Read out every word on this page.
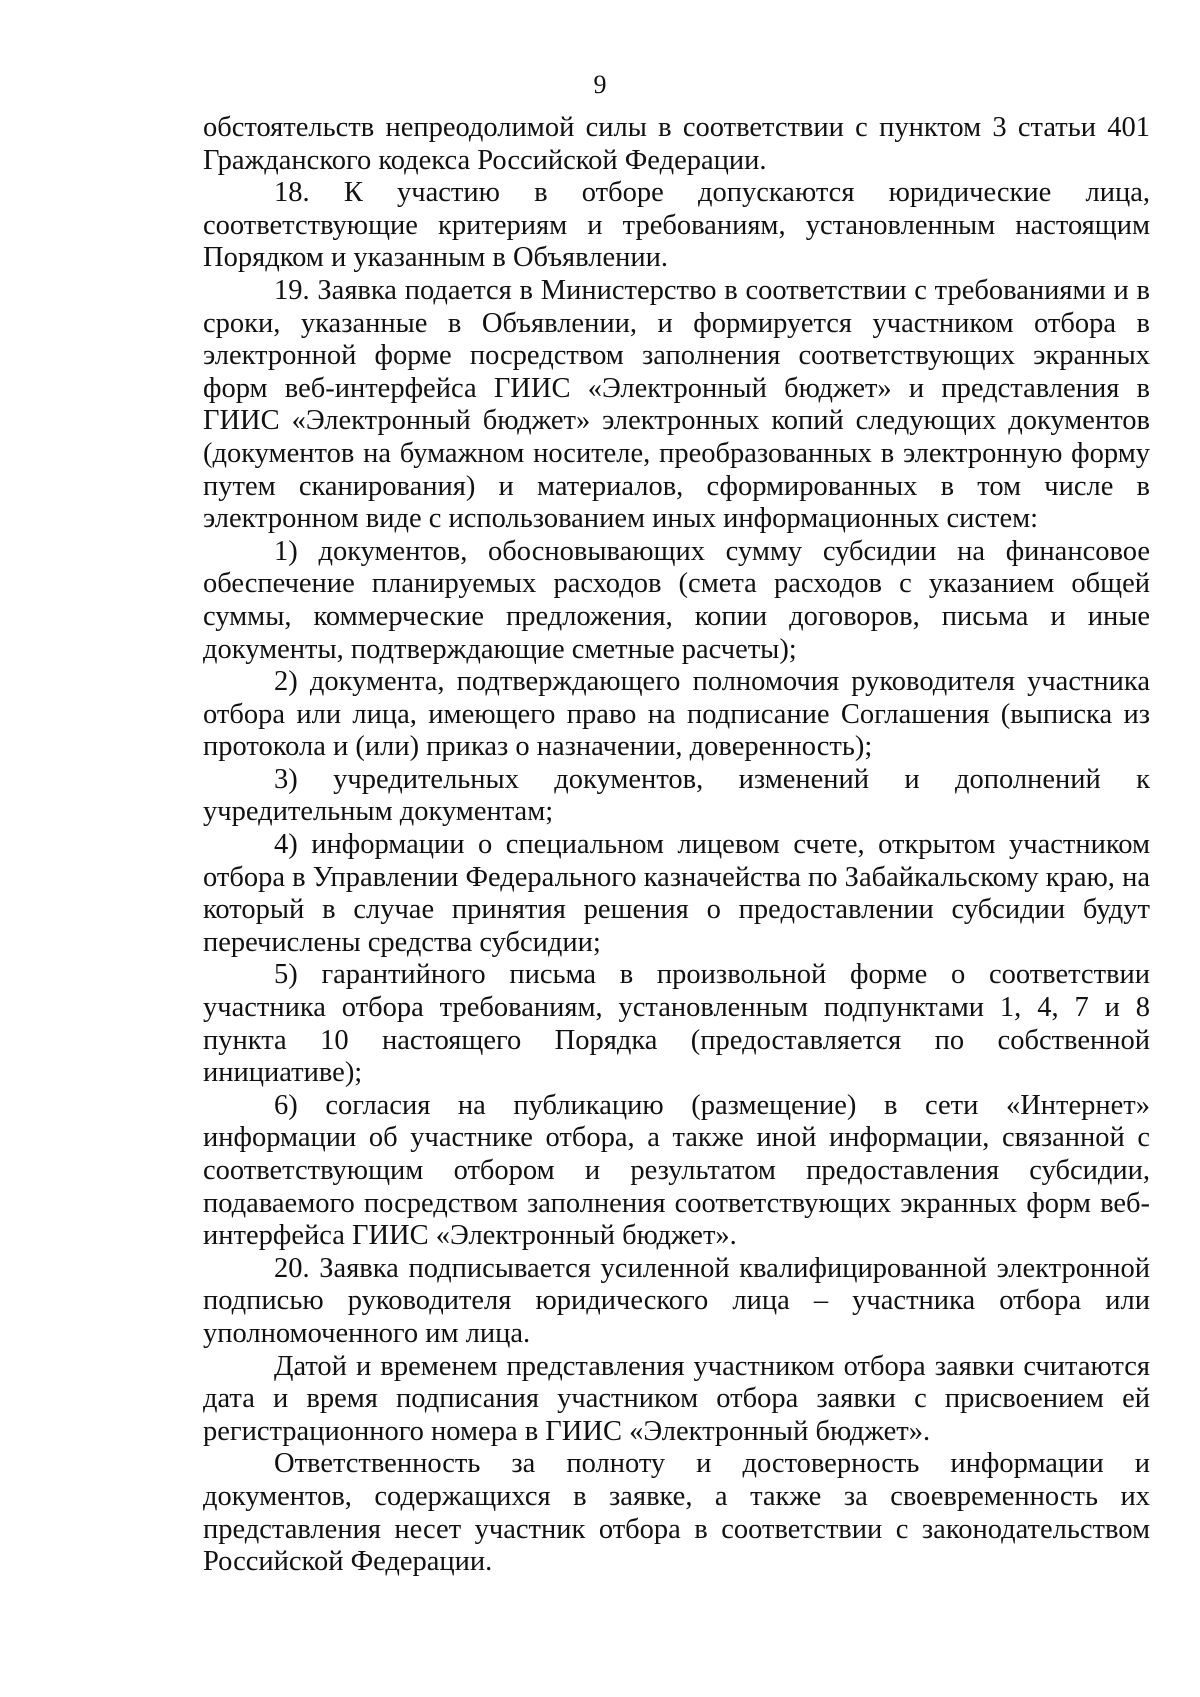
9

обстоятельств непреодолимой силы в соответствии с пунктом 3 статьи 401 Гражданского кодекса Российской Федерации.

18. К участию в отборе допускаются юридические лица, соответствующие критериям и требованиям, установленным настоящим Порядком и указанным в Объявлении.

19. Заявка подается в Министерство в соответствии с требованиями и в сроки, указанные в Объявлении, и формируется участником отбора в электронной форме посредством заполнения соответствующих экранных форм веб-интерфейса ГИИС «Электронный бюджет» и представления в ГИИС «Электронный бюджет» электронных копий следующих документов (документов на бумажном носителе, преобразованных в электронную форму путем сканирования) и материалов, сформированных в том числе в электронном виде с использованием иных информационных систем:

1) документов, обосновывающих сумму субсидии на финансовое обеспечение планируемых расходов (смета расходов с указанием общей суммы, коммерческие предложения, копии договоров, письма и иные документы, подтверждающие сметные расчеты);

2) документа, подтверждающего полномочия руководителя участника отбора или лица, имеющего право на подписание Соглашения (выписка из протокола и (или) приказ о назначении, доверенность);

3) учредительных документов, изменений и дополнений к учредительным документам;

4) информации о специальном лицевом счете, открытом участником отбора в Управлении Федерального казначейства по Забайкальскому краю, на который в случае принятия решения о предоставлении субсидии будут перечислены средства субсидии;

5) гарантийного письма в произвольной форме о соответствии участника отбора требованиям, установленным подпунктами 1, 4, 7 и 8 пункта 10 настоящего Порядка (предоставляется по собственной инициативе);

6) согласия на публикацию (размещение) в сети «Интернет» информации об участнике отбора, а также иной информации, связанной с соответствующим отбором и результатом предоставления субсидии, подаваемого посредством заполнения соответствующих экранных форм веб-интерфейса ГИИС «Электронный бюджет».

20. Заявка подписывается усиленной квалифицированной электронной подписью руководителя юридического лица – участника отбора или уполномоченного им лица.

Датой и временем представления участником отбора заявки считаются дата и время подписания участником отбора заявки с присвоением ей регистрационного номера в ГИИС «Электронный бюджет».

Ответственность за полноту и достоверность информации и документов, содержащихся в заявке, а также за своевременность их представления несет участник отбора в соответствии с законодательством Российской Федерации.
